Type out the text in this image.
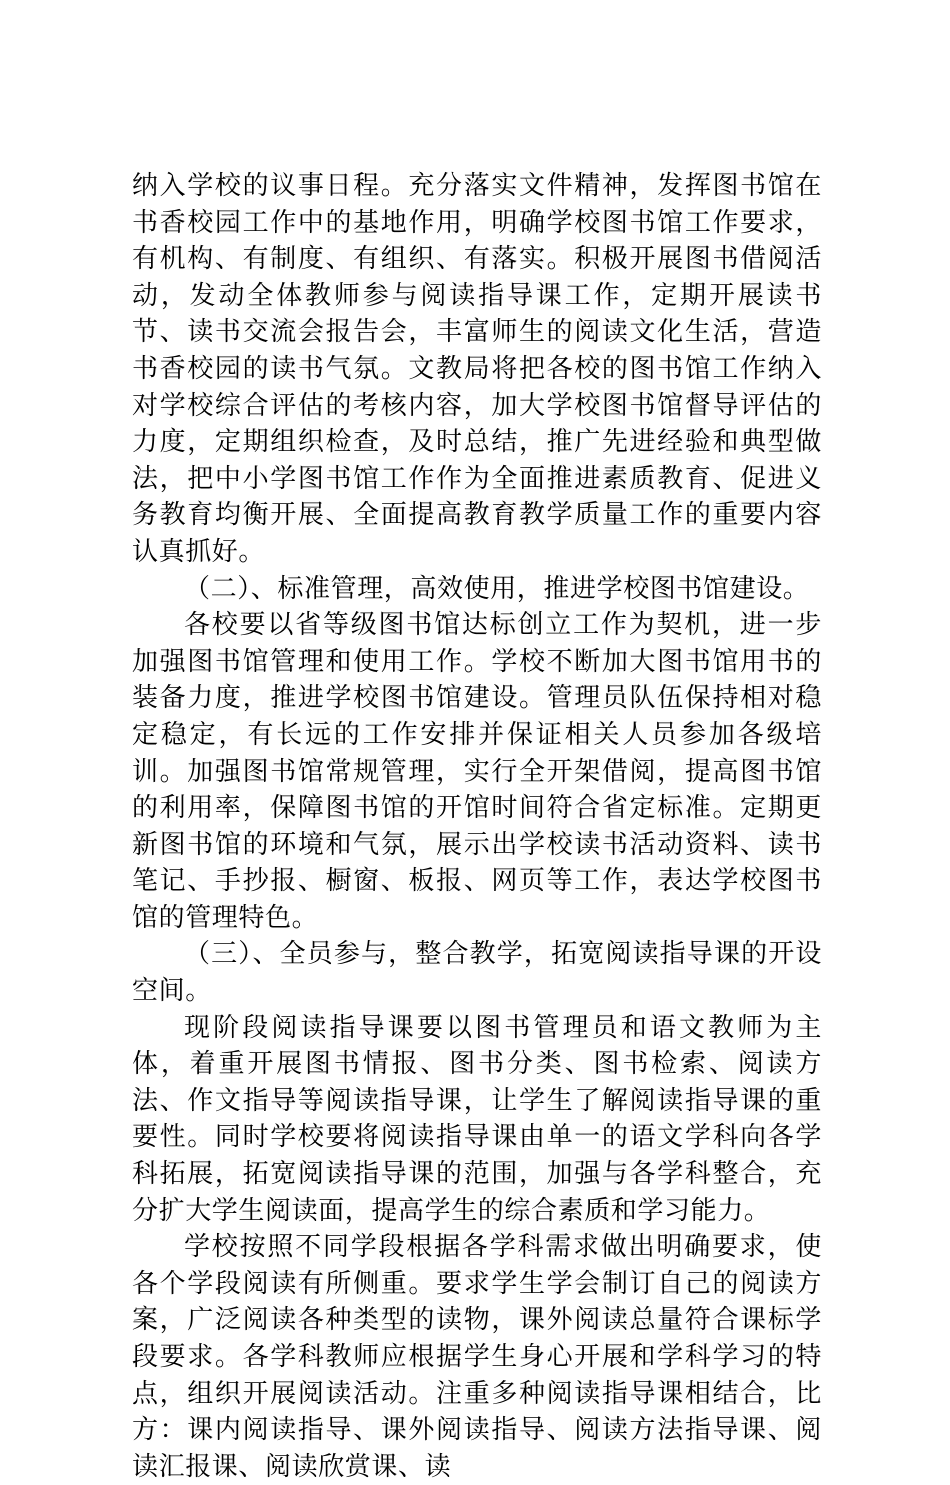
纳入学校的议事日程。充分落实文件精神，发挥图书馆在书香校园工作中的基地作用，明确学校图书馆工作要求，有机构、有制度、有组织、有落实。积极开展图书借阅活动，发动全体教师参与阅读指导课工作，定期开展读书节、读书交流会报告会，丰富师生的阅读文化生活，营造书香校园的读书气氛。文教局将把各校的图书馆工作纳入对学校综合评估的考核内容，加大学校图书馆督导评估的力度，定期组织检查，及时总结，推广先进经验和典型做法，把中小学图书馆工作作为全面推进素质教育、促进义务教育均衡开展、全面提高教育教学质量工作的重要内容认真抓好。

（二）、标准管理，高效使用，推进学校图书馆建设。

各校要以省等级图书馆达标创立工作为契机，进一步加强图书馆管理和使用工作。学校不断加大图书馆用书的装备力度，推进学校图书馆建设。管理员队伍保持相对稳定稳定，有长远的工作安排并保证相关人员参加各级培训。加强图书馆常规管理，实行全开架借阅，提高图书馆的利用率，保障图书馆的开馆时间符合省定标准。定期更新图书馆的环境和气氛，展示出学校读书活动资料、读书笔记、手抄报、橱窗、板报、网页等工作，表达学校图书馆的管理特色。

（三）、全员参与，整合教学，拓宽阅读指导课的开设空间。

现阶段阅读指导课要以图书管理员和语文教师为主体，着重开展图书情报、图书分类、图书检索、阅读方法、作文指导等阅读指导课，让学生了解阅读指导课的重要性。同时学校要将阅读指导课由单一的语文学科向各学科拓展，拓宽阅读指导课的范围，加强与各学科整合，充分扩大学生阅读面，提高学生的综合素质和学习能力。

学校按照不同学段根据各学科需求做出明确要求，使各个学段阅读有所侧重。要求学生学会制订自己的阅读方案，广泛阅读各种类型的读物，课外阅读总量符合课标学段要求。各学科教师应根据学生身心开展和学科学习的特点，组织开展阅读活动。注重多种阅读指导课相结合，比方：课内阅读指导、课外阅读指导、阅读方法指导课、阅读汇报课、阅读欣赏课、读
